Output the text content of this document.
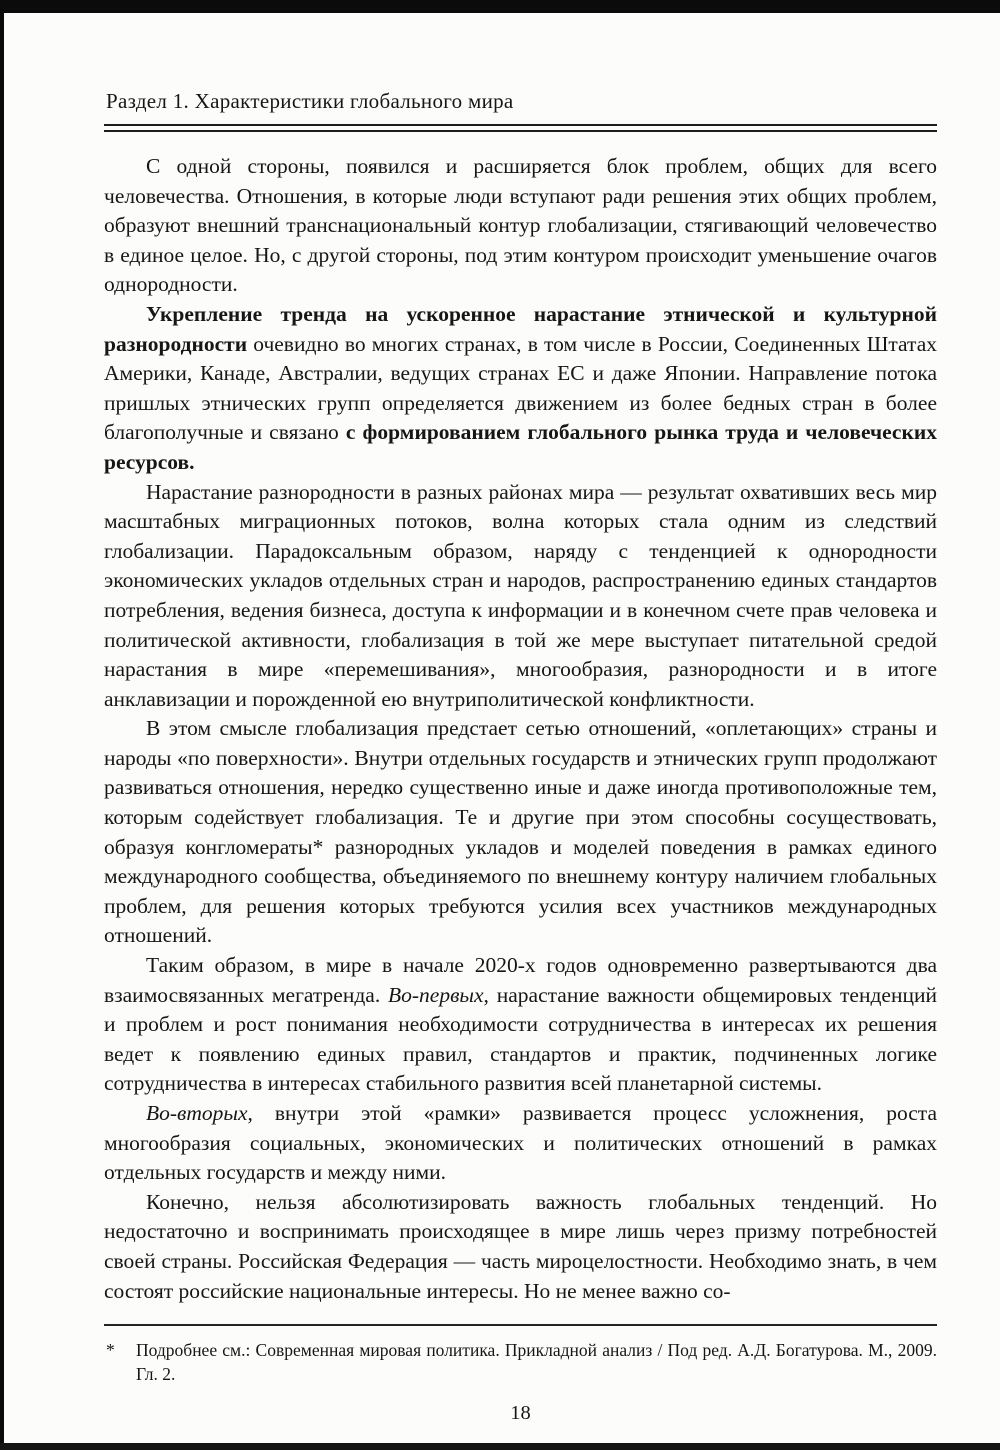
Раздел 1. Характеристики глобального мира

С одной стороны, появился и расширяется блок проблем, общих для всего человечества. Отношения, в которые люди вступают ради решения этих общих проблем, образуют внешний транснациональный контур глобализации, стягивающий человечество в единое целое. Но, с другой стороны, под этим контуром происходит уменьшение очагов однородности.

Укрепление тренда на ускоренное нарастание этнической и культурной разнородности очевидно во многих странах, в том числе в России, Соединенных Штатах Америки, Канаде, Австралии, ведущих странах ЕС и даже Японии. Направление потока пришлых этнических групп определяется движением из более бедных стран в более благополучные и связано с формированием глобального рынка труда и человеческих ресурсов.

Нарастание разнородности в разных районах мира — результат охвативших весь мир масштабных миграционных потоков, волна которых стала одним из следствий глобализации. Парадоксальным образом, наряду с тенденцией к однородности экономических укладов отдельных стран и народов, распространению единых стандартов потребления, ведения бизнеса, доступа к информации и в конечном счете прав человека и политической активности, глобализация в той же мере выступает питательной средой нарастания в мире «перемешивания», многообразия, разнородности и в итоге анклавизации и порожденной ею внутриполитической конфликтности.

В этом смысле глобализация предстает сетью отношений, «оплетающих» страны и народы «по поверхности». Внутри отдельных государств и этнических групп продолжают развиваться отношения, нередко существенно иные и даже иногда противоположные тем, которым содействует глобализация. Те и другие при этом способны сосуществовать, образуя конгломераты* разнородных укладов и моделей поведения в рамках единого международного сообщества, объединяемого по внешнему контуру наличием глобальных проблем, для решения которых требуются усилия всех участников международных отношений.

Таким образом, в мире в начале 2020-х годов одновременно развертываются два взаимосвязанных мегатренда. Во-первых, нарастание важности общемировых тенденций и проблем и рост понимания необходимости сотрудничества в интересах их решения ведет к появлению единых правил, стандартов и практик, подчиненных логике сотрудничества в интересах стабильного развития всей планетарной системы.

Во-вторых, внутри этой «рамки» развивается процесс усложнения, роста многообразия социальных, экономических и политических отношений в рамках отдельных государств и между ними.

Конечно, нельзя абсолютизировать важность глобальных тенденций. Но недостаточно и воспринимать происходящее в мире лишь через призму потребностей своей страны. Российская Федерация — часть мироцелостности. Необходимо знать, в чем состоят российские национальные интересы. Но не менее важно со-

*	Подробнее см.: Современная мировая политика. Прикладной анализ / Под ред. А.Д. Богатурова. М., 2009. Гл. 2.
18
